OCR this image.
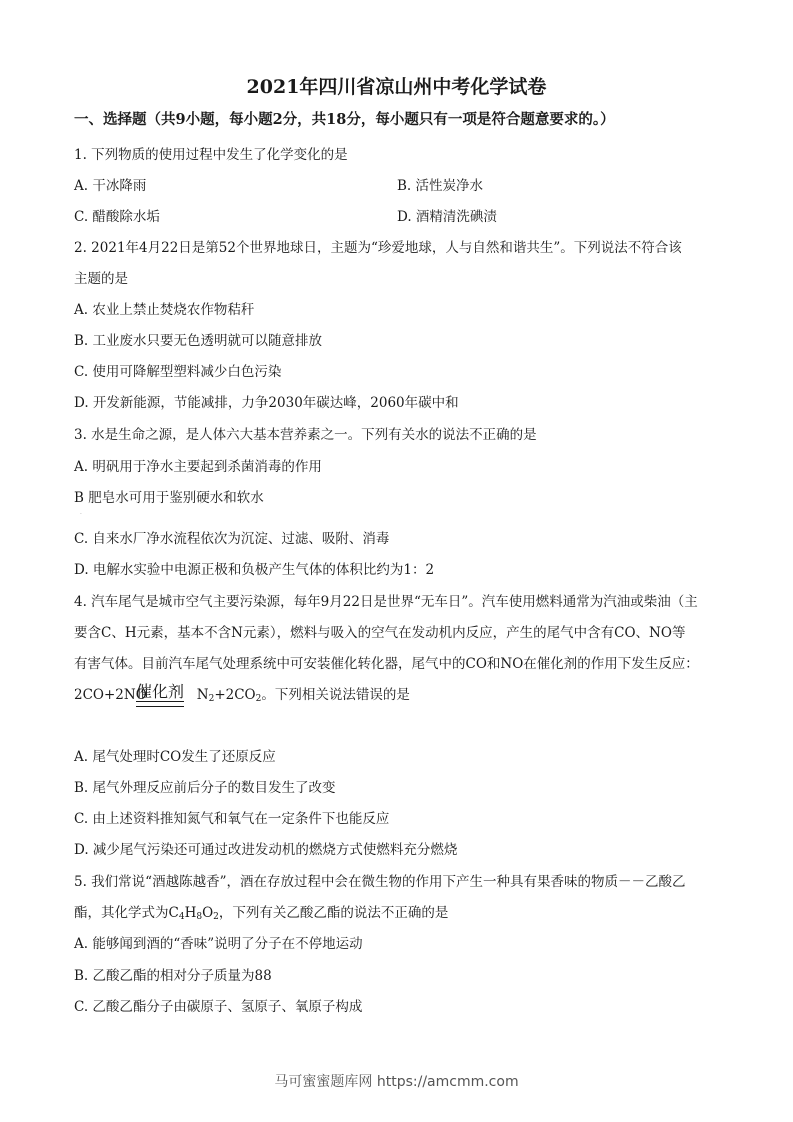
2021年四川省凉山州中考化学试卷
一、选择题（共9小题，每小题2分，共18分，每小题只有一项是符合题意要求的。）
1. 下列物质的使用过程中发生了化学变化的是
A. 干冰降雨	B. 活性炭净水
C. 醋酸除水垢	D. 酒精清洗碘渍
2. 2021年4月22日是第52个世界地球日，主题为“珍爱地球，人与自然和谐共生”。下列说法不符合该
主题的是
A. 农业上禁止焚烧农作物秸秆
B. 工业废水只要无色透明就可以随意排放
C. 使用可降解型塑料减少白色污染
D. 开发新能源，节能减排，力争2030年碳达峰，2060年碳中和
3. 水是生命之源，是人体六大基本营养素之一。下列有关水的说法不正确的是
A. 明矾用于净水主要起到杀菌消毒的作用
B 肥皂水可用于鉴别硬水和软水
．
C. 自来水厂净水流程依次为沉淀、过滤、吸附、消毒
D. 电解水实验中电源正极和负极产生气体的体积比约为1：2
4. 汽车尾气是城市空气主要污染源，每年9月22日是世界“无车日”。汽车使用燃料通常为汽油或柴油（主
要含C、H元素，基本不含N元素），燃料与吸入的空气在发动机内反应，产生的尾气中含有CO、NO等
有害气体。目前汽车尾气处理系统中可安装催化转化器，尾气中的CO和NO在催化剂的作用下发生反应：
2CO+2NO	$N_2+2CO_2$。下列相关说法错误的是
催化剂
A. 尾气处理时CO发生了还原反应
B. 尾气外理反应前后分子的数目发生了改变
C. 由上述资料推知氮气和氧气在一定条件下也能反应
D. 减少尾气污染还可通过改进发动机的燃烧方式使燃料充分燃烧
5. 我们常说“酒越陈越香”，酒在存放过程中会在微生物的作用下产生一种具有果香味的物质－－乙酸乙
酯，其化学式为$C_4H_8O_2$，下列有关乙酸乙酯的说法不正确的是
A. 能够闻到酒的“香味”说明了分子在不停地运动
B. 乙酸乙酯的相对分子质量为88
C. 乙酸乙酯分子由碳原子、氢原子、氧原子构成
马可蜜蜜题库网 https://amcmm.com
